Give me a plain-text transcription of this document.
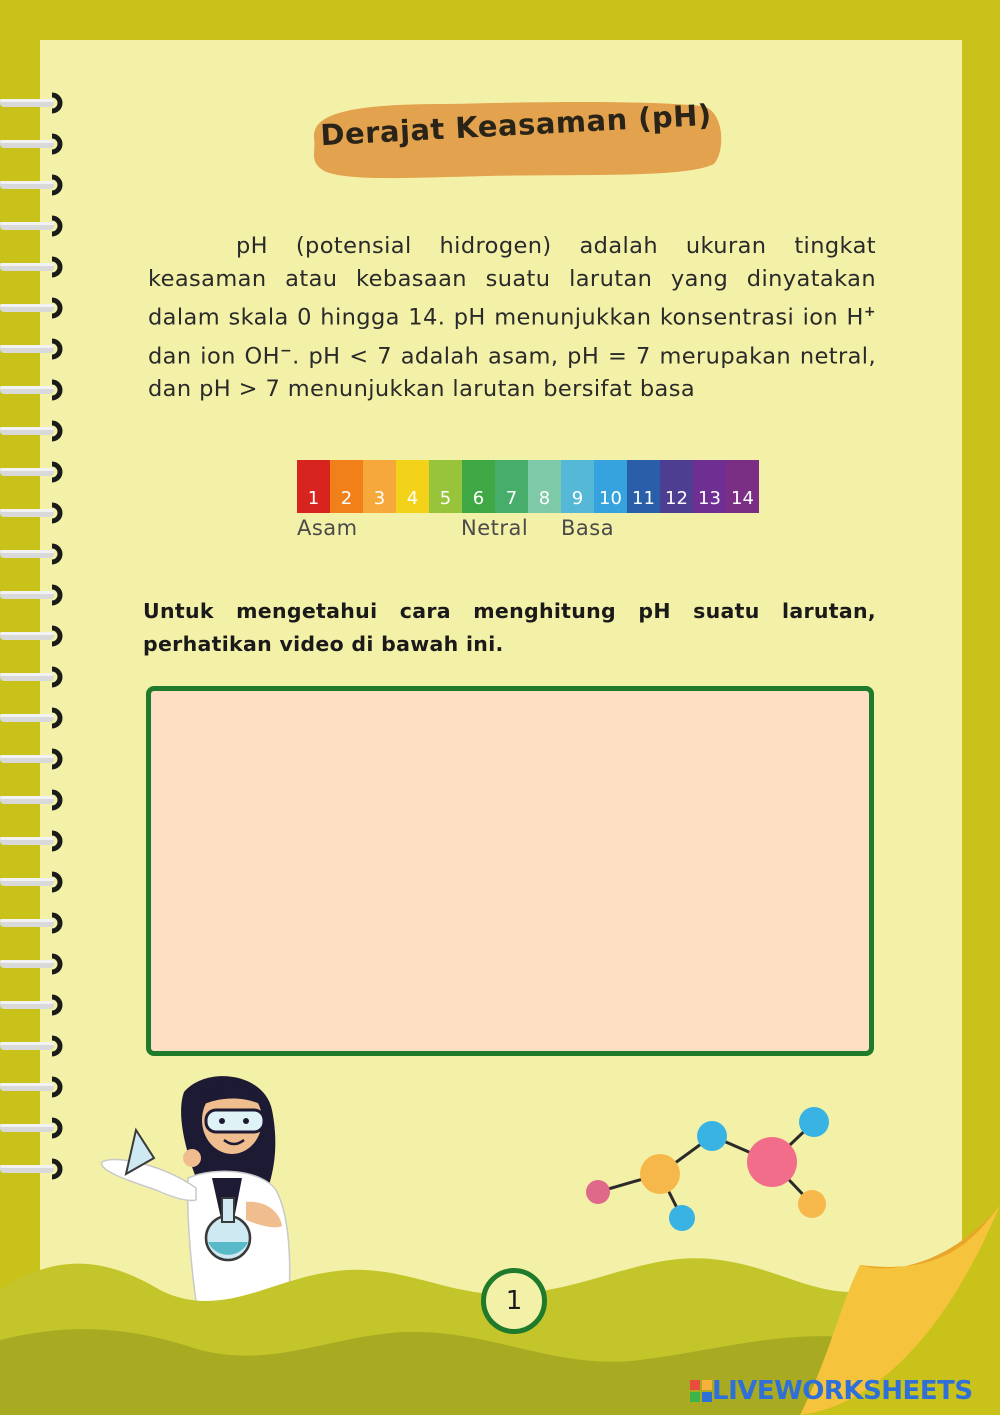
Derajat Keasaman (pH)
pH (potensial hidrogen) adalah ukuran tingkat keasaman atau kebasaan suatu larutan yang dinyatakan dalam skala 0 hingga 14. pH menunjukkan konsentrasi ion H+ dan ion OH−. pH < 7 adalah asam, pH = 7 merupakan netral, dan pH > 7 menunjukkan larutan bersifat basa
1	2	3	4	5	6	7	8	9 10 11 12 13 14
Asam	Netral Basa
Untuk mengetahui cara menghitung pH suatu larutan, perhatikan video di bawah ini.
1
LIVEWORKSHEETS
